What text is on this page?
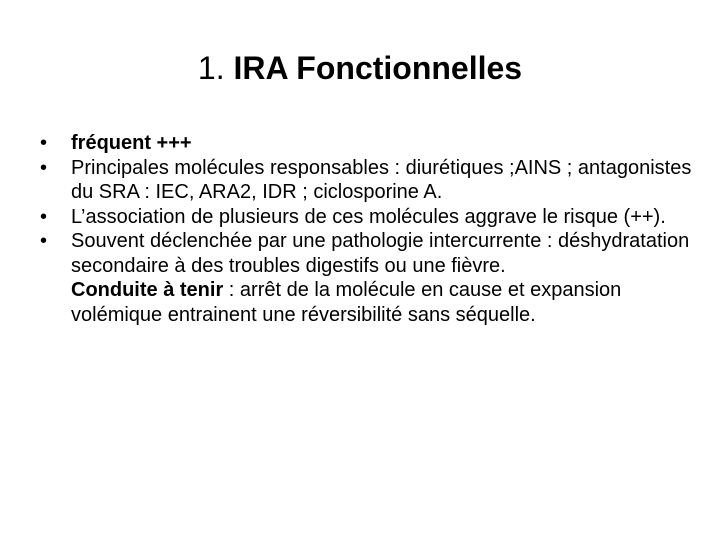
1. IRA Fonctionnelles
•	fréquent +++
•	Principales molécules responsables : diurétiques ;AINS ; antagonistes du SRA : IEC, ARA2, IDR ; ciclosporine A.
•	L’association de plusieurs de ces molécules aggrave le risque (++).
•	Souvent déclenchée par une pathologie intercurrente : déshydratation secondaire à des troubles digestifs ou une fièvre.
Conduite à tenir : arrêt de la molécule en cause et expansion volémique entrainent une réversibilité sans séquelle.
